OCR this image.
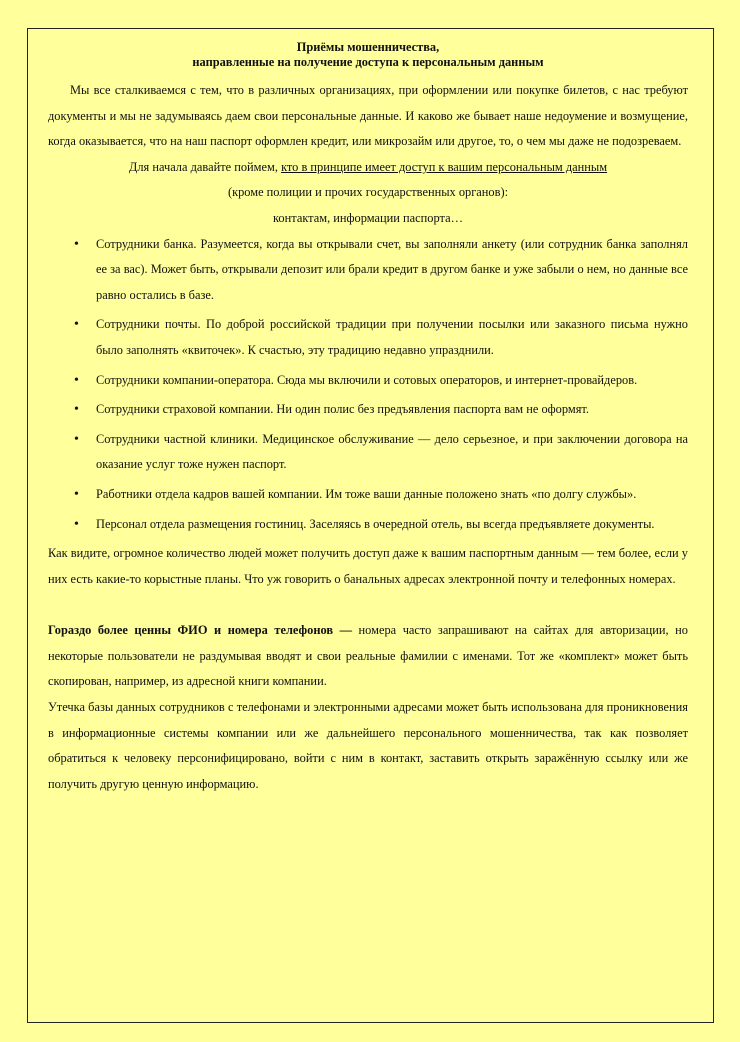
Приёмы мошенничества,
направленные на получение доступа к персональным данным

Мы все сталкиваемся с тем, что в различных организациях, при оформлении или покупке билетов, с нас требуют документы и мы не задумываясь даем свои персональные данные. И каково же бывает наше недоумение и возмущение, когда оказывается, что на наш паспорт оформлен кредит, или микрозайм или другое, то, о чем мы даже не подозреваем.

Для начала давайте поймем, кто в принципе имеет доступ к вашим персональным данным

(кроме полиции и прочих государственных органов):

контактам, информации паспорта…

• Сотрудники банка. Разумеется, когда вы открывали счет, вы заполняли анкету (или сотрудник банка заполнял ее за вас). Может быть, открывали депозит или брали кредит в другом банке и уже забыли о нем, но данные все равно остались в базе.
• Сотрудники почты. По доброй российской традиции при получении посылки или заказного письма нужно было заполнять «квиточек». К счастью, эту традицию недавно упразднили.
• Сотрудники компании-оператора. Сюда мы включили и сотовых операторов, и интернет-провайдеров.
• Сотрудники страховой компании. Ни один полис без предъявления паспорта вам не оформят.
• Сотрудники частной клиники. Медицинское обслуживание — дело серьезное, и при заключении договора на оказание услуг тоже нужен паспорт.
• Работники отдела кадров вашей компании. Им тоже ваши данные положено знать «по долгу службы».
• Персонал отдела размещения гостиниц. Заселяясь в очередной отель, вы всегда предъявляете документы.

Как видите, огромное количество людей может получить доступ даже к вашим паспортным данным — тем более, если у них есть какие-то корыстные планы. Что уж говорить о банальных адресах электронной почту и телефонных номерах.

Гораздо более ценны ФИО и номера телефонов — номера часто запрашивают на сайтах для авторизации, но некоторые пользователи не раздумывая вводят и свои реальные фамилии с именами. Тот же «комплект» может быть скопирован, например, из адресной книги компании.

Утечка базы данных сотрудников с телефонами и электронными адресами может быть использована для проникновения в информационные системы компании или же дальнейшего персонального мошенничества, так как позволяет обратиться к человеку персонифицировано, войти с ним в контакт, заставить открыть заражённую ссылку или же получить другую ценную информацию.
